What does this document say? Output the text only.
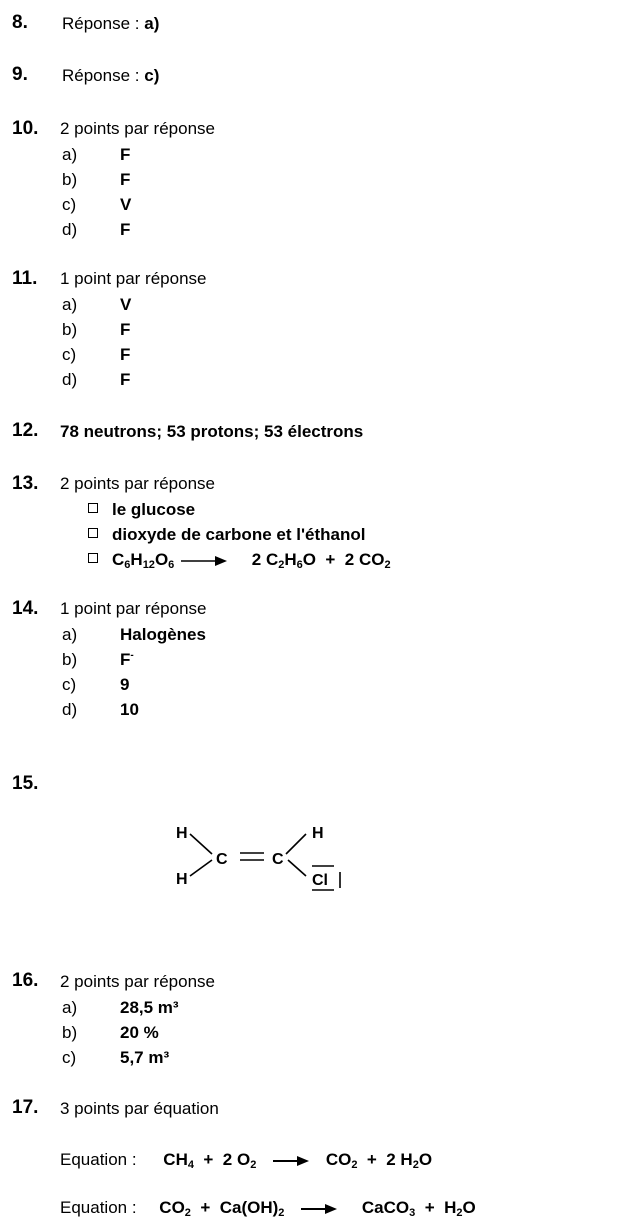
8. Réponse : a)
9. Réponse : c)
10. 2 points par réponse
a)	F
b)	F
c)	V
d)	F
11. 1 point par réponse
a)	V
b)	F
c)	F
d)	F
12. 78 neutrons; 53 protons; 53 électrons
13. 2 points par réponse
le glucose
dioxyde de carbone et l'éthanol
$C_6H_{12}O_6 \to 2$ $C_2H_6O + 2$ $CO_2$
14. 1 point par réponse
a)	Halogènes
b)	F-
c)	9
d)	10
15.
H
H
C	C
H
Cl
16. 2 points par réponse
a)	28,5 m³
b)	20 %
c)	5,7 m³
17. 3 points par équation
Equation : $CH_4 + 2$ $O_2 \to CO_2 + 2$ $H_2O$
Equation : $CO_2 + Ca(OH)_2$ → CaCO$_3$  +  $H_2O$
